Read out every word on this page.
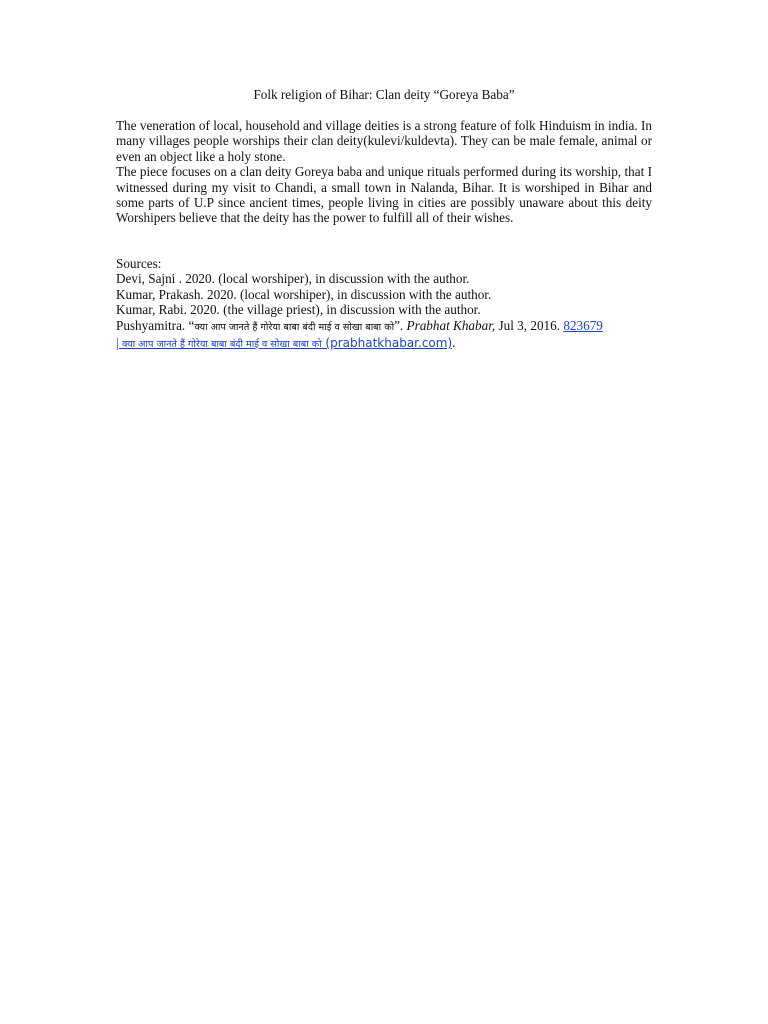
Folk religion of Bihar: Clan deity “Goreya Baba”

The veneration of local, household and village deities is a strong feature of folk Hinduism in india. In many villages people worships their clan deity(kulevi/kuldevta). They can be male female, animal or even an object like a holy stone.

The piece focuses on a clan deity Goreya baba and unique rituals performed during its worship, that I witnessed during my visit to Chandi, a small town in Nalanda, Bihar. It is worshiped in Bihar and some parts of U.P since ancient times, people living in cities are possibly unaware about this deity Worshipers believe that the deity has the power to fulfill all of their wishes.

Sources:
Devi, Sajni . 2020. (local worshiper), in discussion with the author.
Kumar, Prakash. 2020. (local worshiper), in discussion with the author.
Kumar, Rabi. 2020. (the village priest), in discussion with the author.
Pushyamitra. “क्या आप जानते हैं गोरेया बाबा बंदी माई व सोखा बाबा को”. Prabhat Khabar, Jul 3, 2016. 823679
| क्या आप जानते हैं गोरेया बाबा बंदी माई व सोखा बाबा को (prabhatkhabar.com).
